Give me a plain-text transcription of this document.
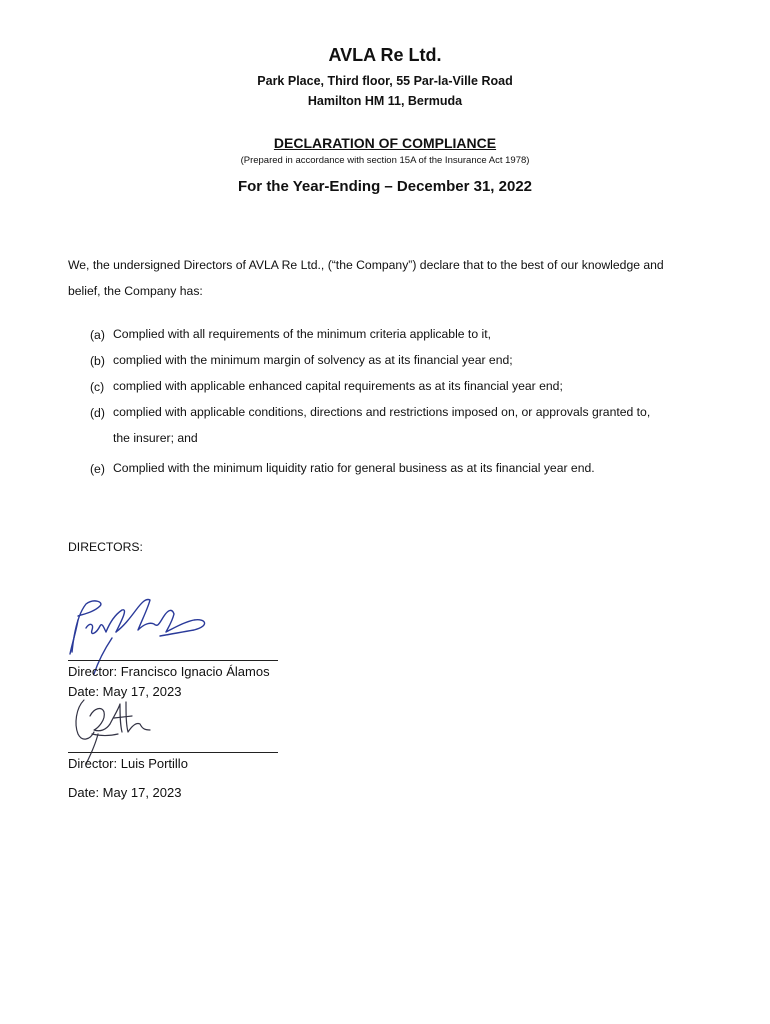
AVLA Re Ltd.
Park Place, Third floor, 55 Par-la-Ville Road
Hamilton HM 11, Bermuda
DECLARATION OF COMPLIANCE
(Prepared in accordance with section 15A of the Insurance Act 1978)
For the Year-Ending – December 31, 2022
We, the undersigned Directors of AVLA Re Ltd., (“the Company”) declare that to the best of our knowledge and
belief, the Company has:
(a) Complied with all requirements of the minimum criteria applicable to it,
(b) complied with the minimum margin of solvency as at its financial year end;
(c) complied with applicable enhanced capital requirements as at its financial year end;
(d) complied with applicable conditions, directions and restrictions imposed on, or approvals granted to,
the insurer; and
(e) Complied with the minimum liquidity ratio for general business as at its financial year end.
DIRECTORS:
Director: Francisco Ignacio Álamos
Date: May 17, 2023
Director: Luis Portillo
Date: May 17, 2023
